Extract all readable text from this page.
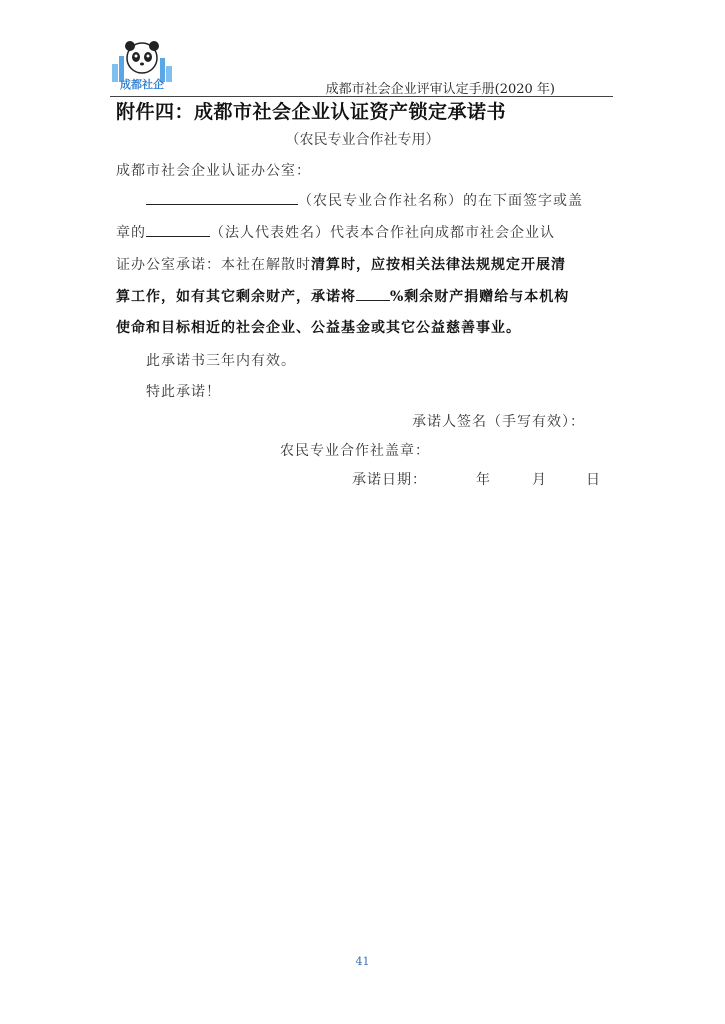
成都社企	成都市社会企业评审认定手册(2020 年)
附件四：成都市社会企业认证资产锁定承诺书
（农民专业合作社专用）
成都市社会企业认证办公室：
（农民专业合作社名称）的在下面签字或盖
章的	（法人代表姓名）代表本合作社向成都市社会企业认
证办公室承诺：本社在解散时清算时，应按相关法律法规规定开展清
算工作，如有其它剩余财产，承诺将 %剩余财产捐赠给与本机构
使命和目标相近的社会企业、公益基金或其它公益慈善事业。
此承诺书三年内有效。
特此承诺！
承诺人签名（手写有效）：
农民专业合作社盖章：
承诺日期：	年	月	日
41
